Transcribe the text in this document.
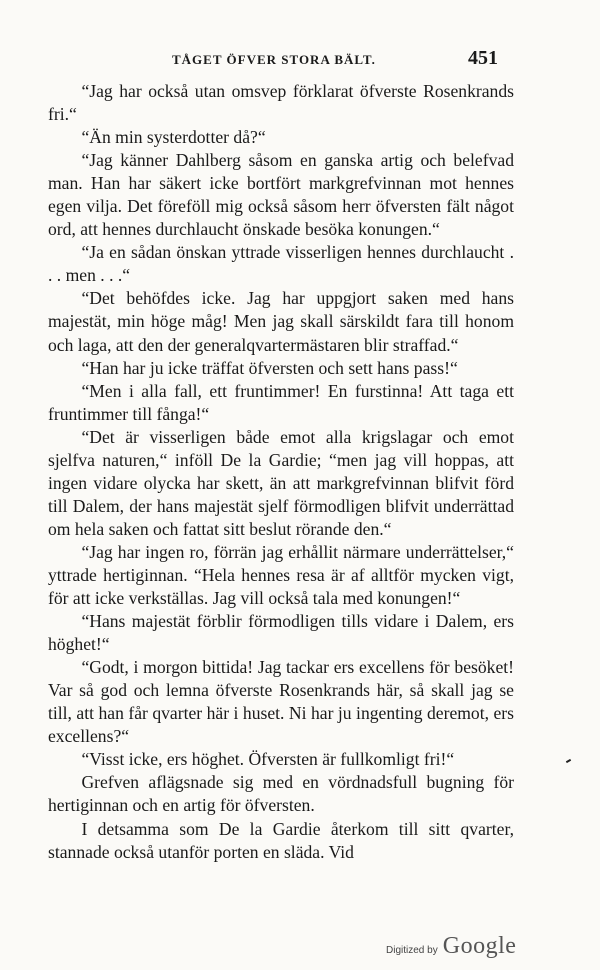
TÅGET ÖFVER STORA BÄLT.	451

“Jag har också utan omsvep förklarat öfverste Rosenkrands fri.“

“Än min systerdotter då?“

“Jag känner Dahlberg såsom en ganska artig och belefvad man. Han har säkert icke bortfört markgrefvinnan mot hennes egen vilja. Det föreföll mig också såsom herr öfversten fält något ord, att hennes durchlaucht önskade besöka konungen.“

“Ja en sådan önskan yttrade visserligen hennes durchlaucht . . . men . . .“

“Det behöfdes icke. Jag har uppgjort saken med hans majestät, min höge måg! Men jag skall särskildt fara till honom och laga, att den der generalqvartermästaren blir straffad.“

“Han har ju icke träffat öfversten och sett hans pass!“

“Men i alla fall, ett fruntimmer! En furstinna! Att taga ett fruntimmer till fånga!“

“Det är visserligen både emot alla krigslagar och emot sjelfva naturen,“ inföll De la Gardie; “men jag vill hoppas, att ingen vidare olycka har skett, än att markgrefvinnan blifvit förd till Dalem, der hans majestät sjelf förmodligen blifvit underrättad om hela saken och fattat sitt beslut rörande den.“

“Jag har ingen ro, förrän jag erhållit närmare underrättelser,“ yttrade hertiginnan. “Hela hennes resa är af alltför mycken vigt, för att icke verkställas. Jag vill också tala med konungen!“

“Hans majestät förblir förmodligen tills vidare i Dalem, ers höghet!“

“Godt, i morgon bittida! Jag tackar ers excellens för besöket! Var så god och lemna öfverste Rosenkrands här, så skall jag se till, att han får qvarter här i huset. Ni har ju ingenting deremot, ers excellens?“

“Visst icke, ers höghet. Öfversten är fullkomligt fri!“

Grefven aflägsnade sig med en vördnadsfull bugning för hertiginnan och en artig för öfversten.

I detsamma som De la Gardie återkom till sitt qvarter, stannade också utanför porten en släda. Vid

Digitized by Google
